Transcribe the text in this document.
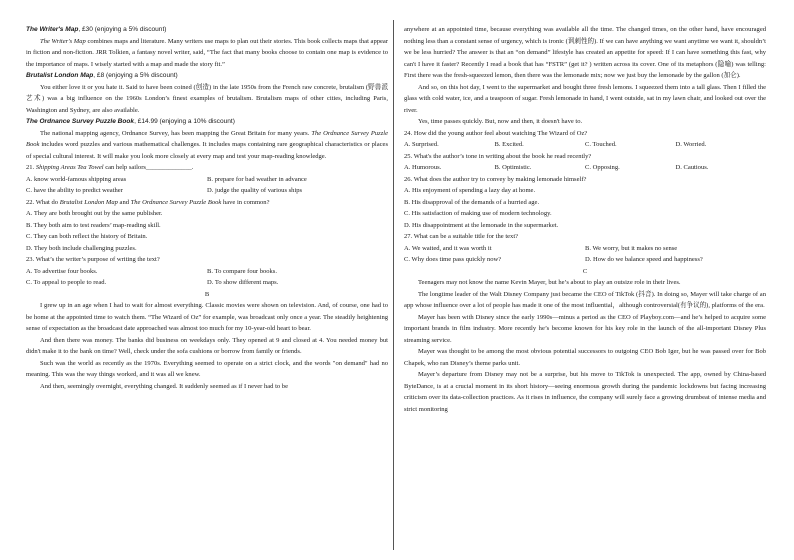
The Writer's Map, £30 (enjoying a 5% discount)

The Writer's Map combines maps and literature. Many writers use maps to plan out their stories. This book collects maps that appear in fiction and non-fiction. JRR Tolkien, a fantasy novel writer, said, “The fact that many books choose to contain one map is evidence to the importance of maps. I wisely started with a map and made the story fit.”

Brutalist London Map, £8 (enjoying a 5% discount)

You either love it or you hate it. Said to have been coined (创造) in the late 1950s from the French raw concrete, brutalism (野兽派艺术) was a big influence on the 1960s London’s finest examples of brutalism. Brutalism maps of other cities, including Paris, Washington and Sydney, are also available.

The Ordnance Survey Puzzle Book, £14.99 (enjoying a 10% discount)

The national mapping agency, Ordnance Survey, has been mapping the Great Britain for many years. The Ordnance Survey Puzzle Book includes word puzzles and various mathematical challenges. It includes maps containing rare geographical characteristics or places of special cultural interest. It will make you look more closely at every map and test your map-reading knowledge.

21. Shipping Areas Tea Towel can help sailors______________.
A. know world-famous shipping areas	B. prepare for bad weather in advance
C. have the ability to predict weather	D. judge the quality of various ships
22. What do Brutalist London Map and The Ordnance Survey Puzzle Book have in common?
A. They are both brought out by the same publisher.
B. They both aim to test readers’ map-reading skill.
C. They can both reflect the history of Britain.
D. They both include challenging puzzles.
23. What’s the writer’s purpose of writing the text?
A. To advertise four books.	B. To compare four books.
C. To appeal to people to read.	D. To show different maps.
B

I grew up in an age when I had to wait for almost everything. Classic movies were shown on television. And, of course, one had to be home at the appointed time to watch them. “The Wizard of Oz” for example, was broadcast only once a year. The steadily heightening sense of expectation as the broadcast date approached was almost too much for my 10-year-old heart to bear.

And then there was money. The banks did business on weekdays only. They opened at 9 and closed at 4. You needed money but didn't make it to the bank on time? Well, check under the sofa cushions or borrow from family or friends.

Such was the world as recently as the 1970s. Everything seemed to operate on a strict clock, and the words "on demand" had no meaning. This was the way things worked, and it was all we knew.

And then, seemingly overnight, everything changed. It suddenly seemed as if I never had to be

anywhere at an appointed time, because everything was available all the time. The changed times, on the other hand, have encouraged nothing less than a constant sense of urgency, which is ironic (讽刺性的). If we can have anything we want anytime we want it, shouldn’t we be less hurried? The answer is that an “on demand” lifestyle has created an appetite for speed: If I can have something this fast, why can't I have it faster? Recently I read a book that has “FSTR” (get it? ) written across its cover. One of its metaphors (隐喻) was telling: First there was the fresh-squeezed lemon, then there was the lemonade mix; now we just buy the lemonade by the gallon (加仑).

And so, on this hot day, I went to the supermarket and bought three fresh lemons. I squeezed them into a tall glass. Then I filled the glass with cold water, ice, and a teaspoon of sugar. Fresh lemonade in hand, I went outside, sat in my lawn chair, and looked out over the river.

Yes, time passes quickly. But, now and then, it doesn't have to.

24. How did the young author feel about watching The Wizard of Oz?
A. Surprised.	B. Excited.	C. Touched.	D. Worried.
25. What's the author’s tone in writing about the book he read recently?
A. Humorous.	B. Optimistic.	C. Opposing.	D. Cautious.
26. What does the author try to convey by making lemonade himself?
A. His enjoyment of spending a lazy day at home.
B. His disapproval of the demands of a hurried age.
C. His satisfaction of making use of modern technology.
D. His disappointment at the lemonade in the supermarket.
27. What can be a suitable title for the text?
A. We waited, and it was worth it	B. We worry, but it makes no sense
C. Why does time pass quickly now?	D. How do we balance speed and happiness?
C

Teenagers may not know the name Kevin Mayer, but he’s about to play an outsize role in their lives.

The longtime leader of the Walt Disney Company just became the CEO of TikTok (抖音). In doing so, Mayer will take charge of an app whose influence over a lot of people has made it one of the most influential，although controversial(有争议的), platforms of the era.

Mayer has been with Disney since the early 1990s—minus a period as the CEO of Playboy.com—and he’s helped to acquire some important brands in film industry. More recently he’s become known for his key role in the launch of the all-important Disney Plus streaming service.

Mayer was thought to be among the most obvious potential successors to outgoing CEO Bob Iger, but he was passed over for Bob Chapek, who ran Disney’s theme parks unit.

Mayer’s departure from Disney may not be a surprise, but his move to TikTok is unexpected. The app, owned by China-based ByteDance, is at a crucial moment in its short history—seeing enormous growth during the pandemic lockdowns but facing increasing criticism over its data-collection practices. As it rises in influence, the company will surely face a growing drumbeat of intense media and strict monitoring
